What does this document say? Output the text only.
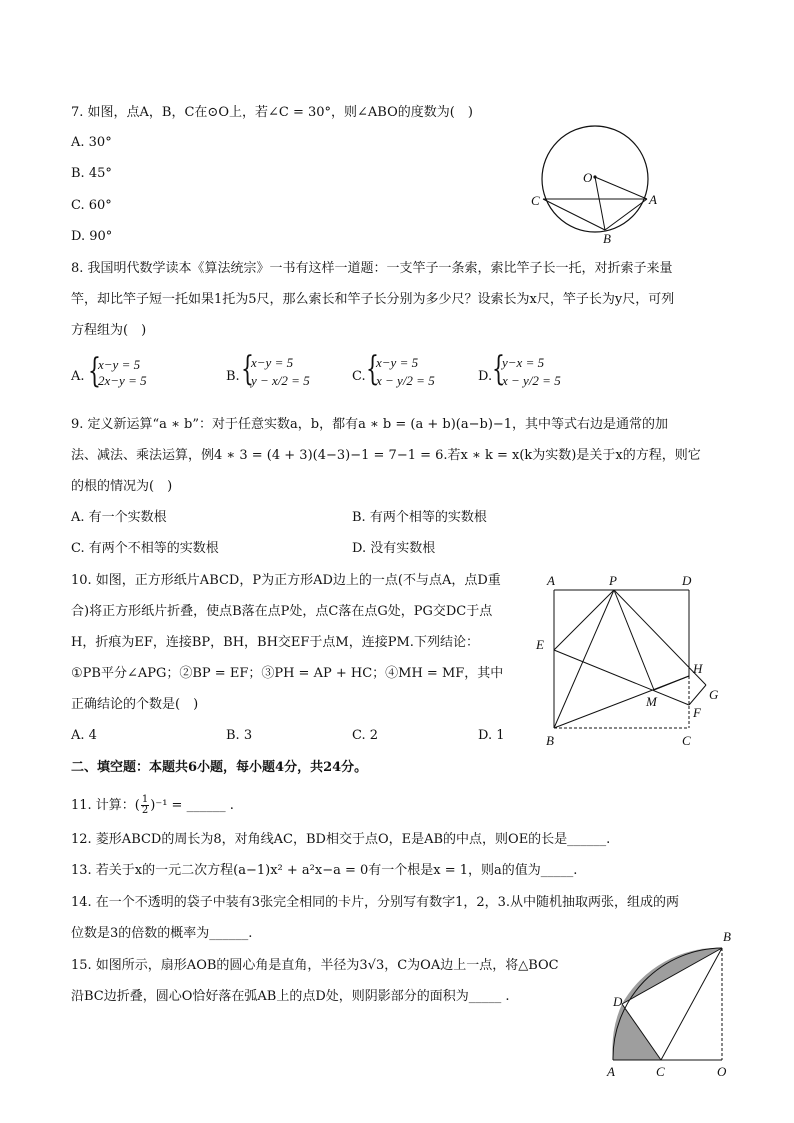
7. 如图，点A，B，C在⊙O上，若∠C = 30°，则∠ABO的度数为(　)
A. 30°
B. 45°
C. 60°
D. 90°
O
C	A
B
8. 我国明代数学读本《算法统宗》一书有这样一道题：一支竿子一条索，索比竿子长一托，对折索子来量
竿，却比竿子短一托如果1托为5尺，那么索长和竿子长分别为多少尺？设索长为x尺，竿子长为y尺，可列
方程组为(　)
A. {
x−y = 5
2x−y = 5	B. {
x−y = 5
y − x/2 = 5	C. {
x−y = 5
x − y/2 = 5	D. {
y−x = 5
x − y/2 = 5
9. 定义新运算“a ∗ b”：对于任意实数a，b，都有a ∗ b = (a + b)(a−b)−1，其中等式右边是通常的加
法、减法、乘法运算，例4 ∗ 3 = (4 + 3)(4−3)−1 = 7−1 = 6.若x ∗ k = x(k为实数)是关于x的方程，则它
的根的情况为(　)
A. 有一个实数根	B. 有两个相等的实数根
C. 有两个不相等的实数根	D. 没有实数根
10. 如图，正方形纸片ABCD，P为正方形AD边上的一点(不与点A，点D重
合)将正方形纸片折叠，使点B落在点P处，点C落在点G处，PG交DC于点
H，折痕为EF，连接BP，BH，BH交EF于点M，连接PM.下列结论：
①PB平分∠APG；②BP = EF；③PH = AP + HC；④MH = MF，其中
正确结论的个数是(　)
A. 4	B. 3	C. 2	D. 1
A	P	D
E
H
G
M
F
B	C
二、填空题：本题共6小题，每小题4分，共24分。
11. 计算：( $\frac{1}{2} )^{-1}$ = ______ .
12. 菱形ABCD的周长为8，对角线AC，BD相交于点O，E是AB的中点，则OE的长是______.
13. 若关于x的一元二次方程(a−1)x² + a²x−a = 0有一个根是x = 1，则a的值为_____.
14. 在一个不透明的袋子中装有3张完全相同的卡片，分别写有数字1，2，3.从中随机抽取两张，组成的两
位数是3的倍数的概率为______.
15. 如图所示，扇形AOB的圆心角是直角，半径为3√3，C为OA边上一点，将△BOC
沿BC边折叠，圆心O恰好落在弧AB上的点D处，则阴影部分的面积为_____ .
B
D
A	C	O
